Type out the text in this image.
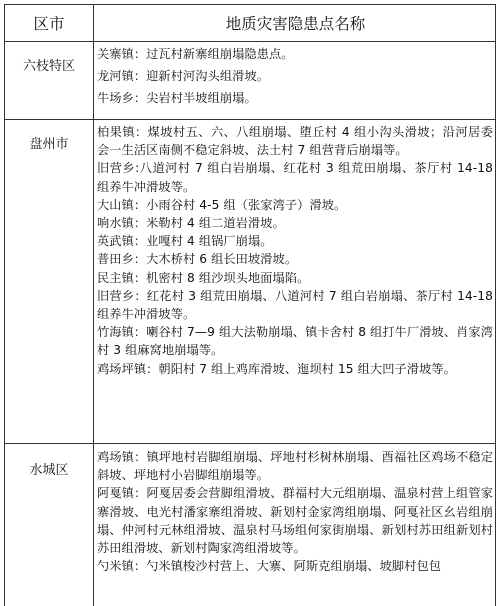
区市	地质灾害隐患点名称
六枝特区

关寨镇：过瓦村新寨组崩塌隐患点。

龙河镇：迎新村河沟头组滑坡。

牛场乡：尖岩村半坡组崩塌。

盘州市

柏果镇：煤坡村五、六、八组崩塌、堕丘村 4 组小沟头滑坡；沿河居委会一生活区南侧不稳定斜坡、法土村 7 组营背后崩塌等。

旧营乡:八道河村 7 组白岩崩塌、红花村 3 组荒田崩塌、茶厅村 14-18 组养牛冲滑坡等。

大山镇：小雨谷村 4-5 组（张家湾子）滑坡。

响水镇：米勒村 4 组二道岩滑坡。

英武镇：业嘎村 4 组锅厂崩塌。

普田乡：大木桥村 6 组长田坡滑坡。

民主镇：机密村 8 组沙坝头地面塌陷。

旧营乡：红花村 3 组荒田崩塌、八道河村 7 组白岩崩塌、茶厅村 14-18 组养牛冲滑坡等。

竹海镇：喇谷村 7—9 组大法勒崩塌、镇卡舍村 8 组打牛厂滑坡、肖家湾村 3 组麻窝地崩塌等。

鸡场坪镇：朝阳村 7 组上鸡库滑坡、迤坝村 15 组大凹子滑坡等。

水城区

鸡场镇：镇坪地村岩脚组崩塌、坪地村杉树林崩塌、酉福社区鸡场不稳定斜坡、坪地村小岩脚组崩塌等。

阿戛镇：阿戛居委会营脚组滑坡、群福村大元组崩塌、温泉村营上组管家寨滑坡、电光村潘家寨组滑坡、新划村金家湾组崩塌、阿戛社区幺岩组崩塌、仲河村元林组滑坡、温泉村马场组何家街崩塌、新划村苏田组新划村苏田组滑坡、新划村陶家湾组滑坡等。

勺米镇：勺米镇梭沙村营上、大寨、阿斯克组崩塌、坡脚村包包
